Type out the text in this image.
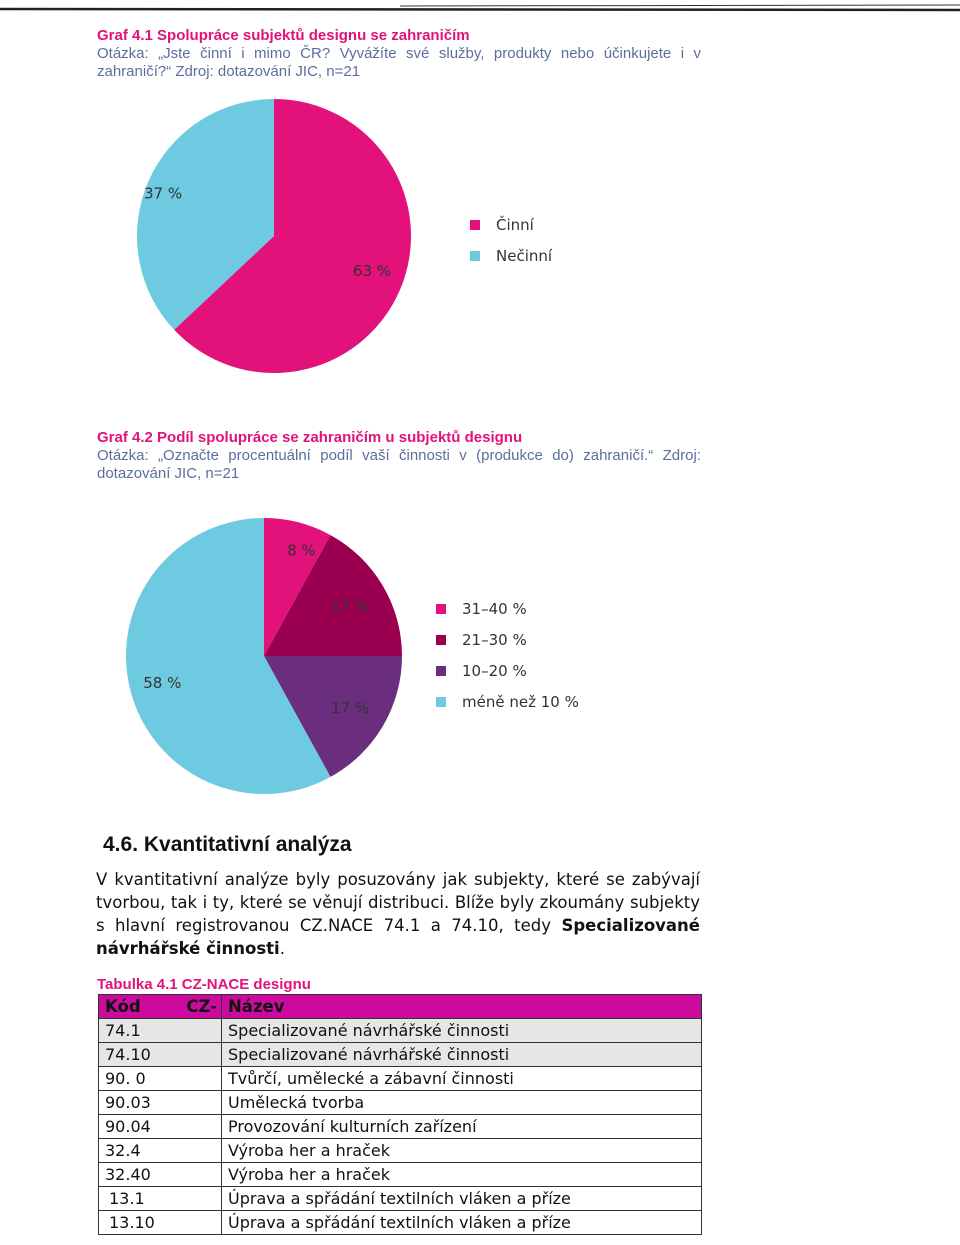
Graf 4.1 Spolupráce subjektů designu se zahraničím
Otázka: „Jste činní i mimo ČR? Vyvážíte své služby, produkty nebo účinkujete i v zahraničí?“ Zdroj: dotazování JIC, n=21
63 %
37 %
Činní
Nečinní
Graf 4.2 Podíl spolupráce se zahraničím u subjektů designu
Otázka: „Označte procentuální podíl vaší činnosti v (produkce do) zahraničí.“ Zdroj: dotazování JIC, n=21
8 %
17 %
17 %
58 %
31–40 %
21–30 %
10–20 %
méně než 10 %
4.6. Kvantitativní analýza
V kvantitativní analýze byly posuzovány jak subjekty, které se zabývají tvorbou, tak i ty, které se věnují distribuci. Blíže byly zkoumány subjekty s hlavní registrovanou CZ.NACE 74.1 a 74.10, tedy Specializované návrhářské činnosti.
Tabulka 4.1 CZ-NACE designu
Kód CZ-	Název
74.1	Specializované návrhářské činnosti
74.10	Specializované návrhářské činnosti
90. 0	Tvůrčí, umělecké a zábavní činnosti
90.03	Umělecká tvorba
90.04	Provozování kulturních zařízení
32.4	Výroba her a hraček
32.40	Výroba her a hraček
13.1	Úprava a spřádání textilních vláken a příze
13.10	Úprava a spřádání textilních vláken a příze
